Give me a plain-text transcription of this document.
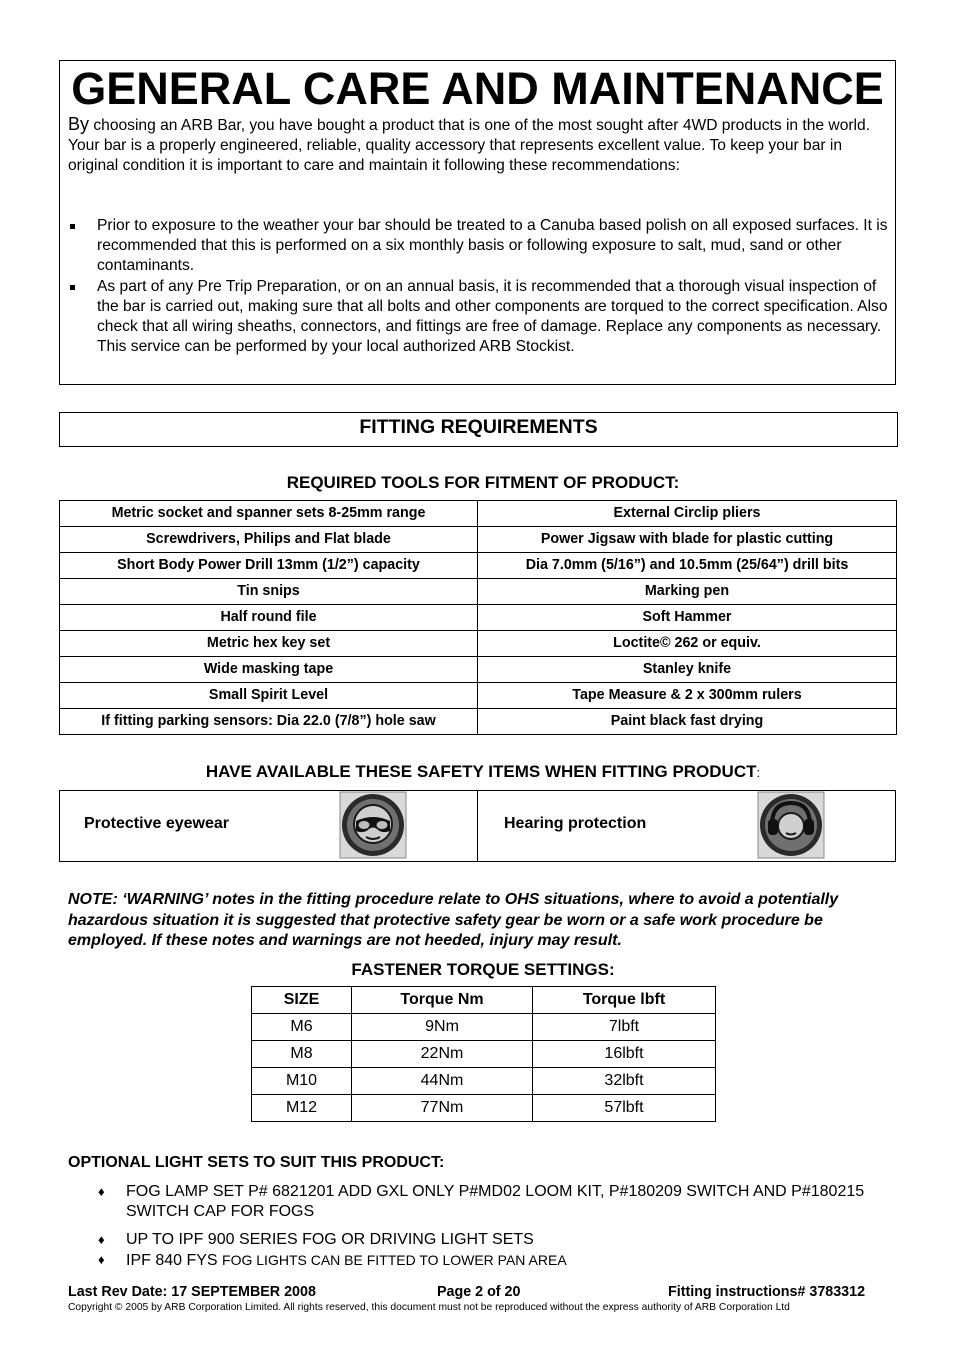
GENERAL CARE AND MAINTENANCE
By choosing an ARB Bar, you have bought a product that is one of the most sought after 4WD products in the world. Your bar is a properly engineered, reliable, quality accessory that represents excellent value. To keep your bar in original condition it is important to care and maintain it following these recommendations:
Prior to exposure to the weather your bar should be treated to a Canuba based polish on all exposed surfaces. It is recommended that this is performed on a six monthly basis or following exposure to salt, mud, sand or other contaminants.
As part of any Pre Trip Preparation, or on an annual basis, it is recommended that a thorough visual inspection of the bar is carried out, making sure that all bolts and other components are torqued to the correct specification. Also check that all wiring sheaths, connectors, and fittings are free of damage. Replace any components as necessary. This service can be performed by your local authorized ARB Stockist.
FITTING REQUIREMENTS
REQUIRED TOOLS FOR FITMENT OF PRODUCT:
Metric socket and spanner sets 8-25mm range	External Circlip pliers
Screwdrivers, Philips and Flat blade	Power Jigsaw with blade for plastic cutting
Short Body Power Drill 13mm (1/2”) capacity	Dia 7.0mm (5/16”) and 10.5mm (25/64”) drill bits
Tin snips	Marking pen
Half round file	Soft Hammer
Metric hex key set	Loctite© 262 or equiv.
Wide masking tape	Stanley knife
Small Spirit Level	Tape Measure & 2 x 300mm rulers
If fitting parking sensors: Dia 22.0 (7/8”) hole saw	Paint black fast drying
HAVE AVAILABLE THESE SAFETY ITEMS WHEN FITTING PRODUCT:
Protective eyewear	Hearing protection
NOTE: ‘WARNING’ notes in the fitting procedure relate to OHS situations, where to avoid a potentially hazardous situation it is suggested that protective safety gear be worn or a safe work procedure be employed. If these notes and warnings are not heeded, injury may result.
FASTENER TORQUE SETTINGS:
SIZE	Torque Nm	Torque lbft
M6	9Nm	7lbft
M8	22Nm	16lbft
M10	44Nm	32lbft
M12	77Nm	57lbft
OPTIONAL LIGHT SETS TO SUIT THIS PRODUCT:
♦ FOG LAMP SET P# 6821201 ADD GXL ONLY P#MD02 LOOM KIT, P#180209 SWITCH AND P#180215 SWITCH CAP FOR FOGS
♦ UP TO IPF 900 SERIES FOG OR DRIVING LIGHT SETS
♦ IPF 840 FYS FOG LIGHTS CAN BE FITTED TO LOWER PAN AREA
Last Rev Date: 17 SEPTEMBER 2008	Page 2 of 20	Fitting instructions# 3783312
Copyright © 2005 by ARB Corporation Limited. All rights reserved, this document must not be reproduced without the express authority of ARB Corporation Ltd
